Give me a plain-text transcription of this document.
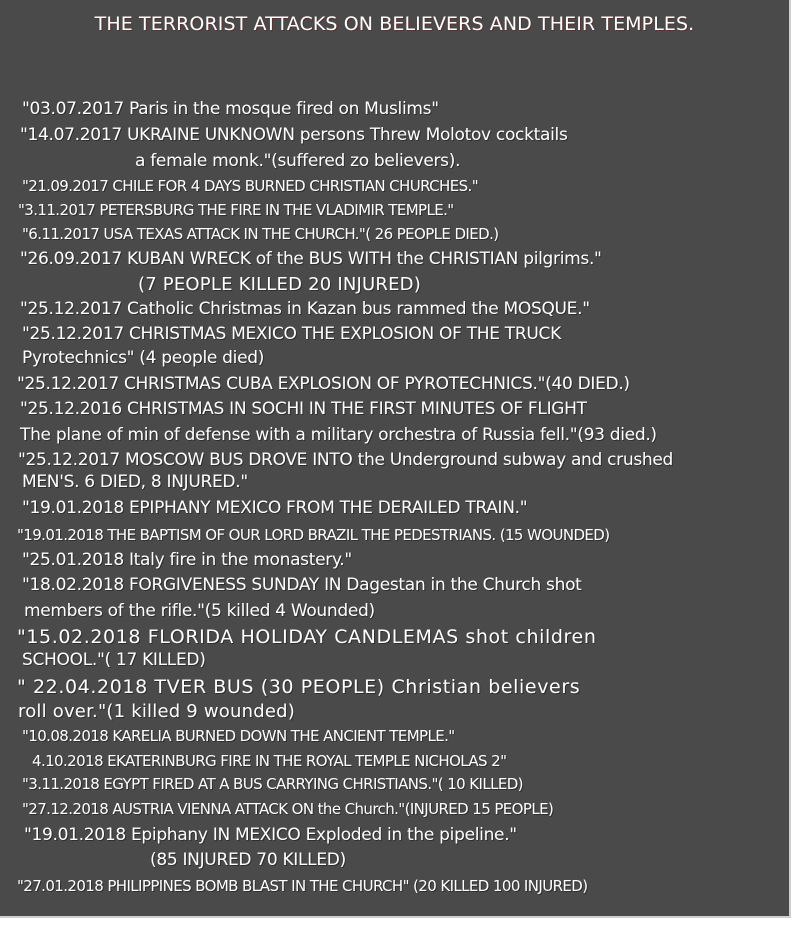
THE TERRORIST ATTACKS ON BELIEVERS AND THEIR TEMPLES.
"03.07.2017 Paris in the mosque fired on Muslims"
"14.07.2017 UKRAINE UNKNOWN persons Threw Molotov cocktails
a female monk."(suffered zo believers).
"21.09.2017 CHILE FOR 4 DAYS BURNED CHRISTIAN CHURCHES."
"3.11.2017 PETERSBURG THE FIRE IN THE VLADIMIR TEMPLE."
"6.11.2017 USA TEXAS ATTACK IN THE CHURCH."( 26 PEOPLE DIED.)
"26.09.2017 KUBAN WRECK of the BUS WITH the CHRISTIAN pilgrims."
(7 PEOPLE KILLED 20 INJURED)
"25.12.2017 Catholic Christmas in Kazan bus rammed the MOSQUE."
"25.12.2017 CHRISTMAS MEXICO THE EXPLOSION OF THE TRUCK
Pyrotechnics" (4 people died)
"25.12.2017 CHRISTMAS CUBA EXPLOSION OF PYROTECHNICS."(40 DIED.)
"25.12.2016 CHRISTMAS IN SOCHI IN THE FIRST MINUTES OF FLIGHT
The plane of min of defense with a military orchestra of Russia fell."(93 died.)
"25.12.2017 MOSCOW BUS DROVE INTO the Underground subway and crushed
MEN'S. 6 DIED, 8 INJURED."
"19.01.2018 EPIPHANY MEXICO FROM THE DERAILED TRAIN."
"19.01.2018 THE BAPTISM OF OUR LORD BRAZIL THE PEDESTRIANS. (15 WOUNDED)
"25.01.2018 Italy fire in the monastery."
"18.02.2018 FORGIVENESS SUNDAY IN Dagestan in the Church shot
members of the rifle."(5 killed 4 Wounded)
"15.02.2018 FLORIDA HOLIDAY CANDLEMAS shot children
SCHOOL."( 17 KILLED)
" 22.04.2018 TVER BUS (30 PEOPLE) Christian believers
roll over."(1 killed 9 wounded)
"10.08.2018 KARELIA BURNED DOWN THE ANCIENT TEMPLE."
4.10.2018 EKATERINBURG FIRE IN THE ROYAL TEMPLE NICHOLAS 2"
"3.11.2018 EGYPT FIRED AT A BUS CARRYING CHRISTIANS."( 10 KILLED)
"27.12.2018 AUSTRIA VIENNA ATTACK ON the Church."(INJURED 15 PEOPLE)
"19.01.2018 Epiphany IN MEXICO Exploded in the pipeline."
(85 INJURED 70 KILLED)
"27.01.2018 PHILIPPINES BOMB BLAST IN THE CHURCH" (20 KILLED 100 INJURED)
